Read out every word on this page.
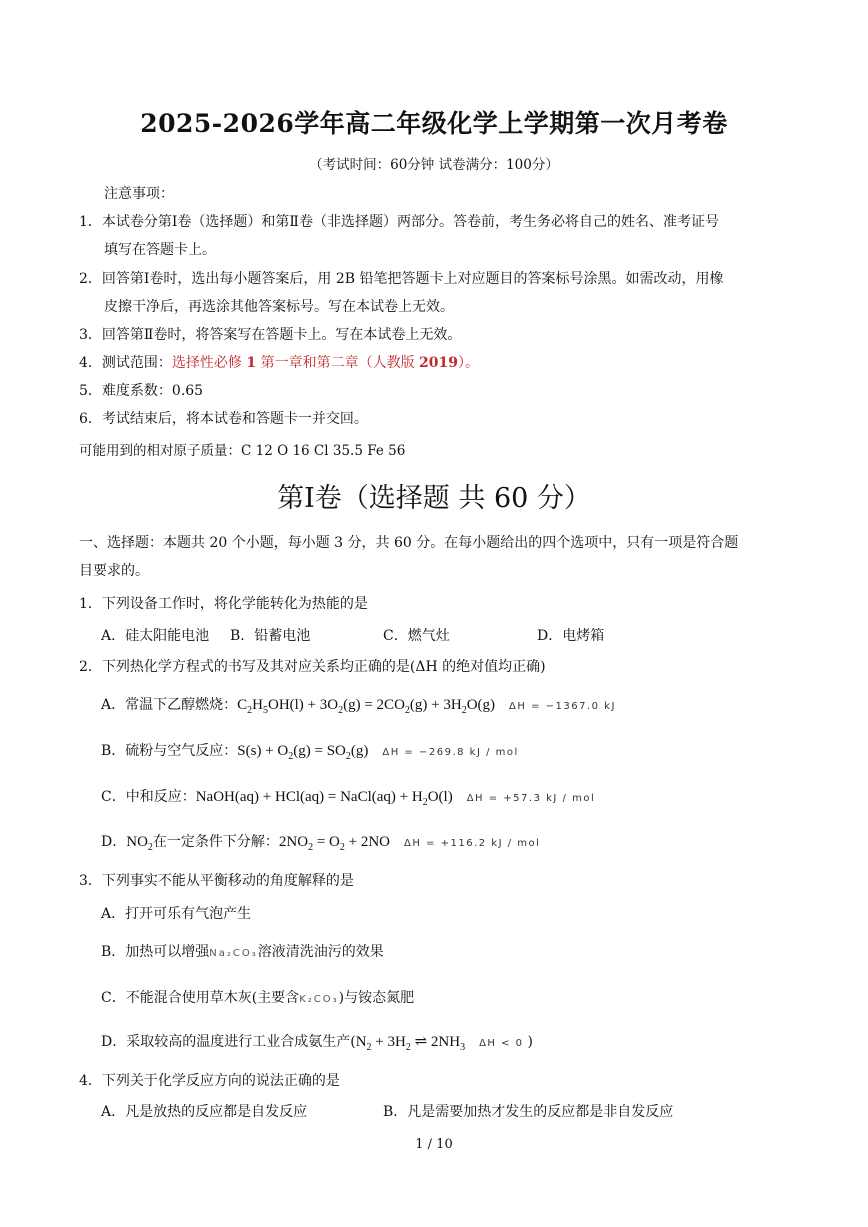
2025-2026学年高二年级化学上学期第一次月考卷
（考试时间：60分钟 试卷满分：100分）
注意事项：
1．本试卷分第Ⅰ卷（选择题）和第Ⅱ卷（非选择题）两部分。答卷前，考生务必将自己的姓名、准考证号
填写在答题卡上。
2．回答第Ⅰ卷时，选出每小题答案后，用 2B 铅笔把答题卡上对应题目的答案标号涂黑。如需改动，用橡
皮擦干净后，再选涂其他答案标号。写在本试卷上无效。
3．回答第Ⅱ卷时，将答案写在答题卡上。写在本试卷上无效。
4．测试范围：选择性必修 1 第一章和第二章（人教版 2019）。
5．难度系数：0.65
6．考试结束后，将本试卷和答题卡一并交回。
可能用到的相对原子质量：C 12 O 16 Cl 35.5 Fe 56
第Ⅰ卷（选择题 共 60 分）
一、选择题：本题共 20 个小题，每小题 3 分，共 60 分。在每小题给出的四个选项中，只有一项是符合题
目要求的。
1．下列设备工作时，将化学能转化为热能的是
A．硅太阳能电池 B．铅蓄电池	C．燃气灶	D．电烤箱
2．下列热化学方程式的书写及其对应关系均正确的是(ΔH 的绝对值均正确)
A．常温下乙醇燃烧：$C_2H_5OH(l) + 3O_2(g) = 2CO_2(g) + 3H_2O(g) \Delta H = -1367.0$ kJ
B．硫粉与空气反应：$S(s) + O_2(g) = SO_2(g) \Delta H = -269.8$ kJ / mol
C．中和反应：NaOH(aq) + HCl(aq) = NaCl(aq) + $H_2O(l) \Delta H = +57.3$ kJ / mol
D．$NO_2$在一定条件下分解：$2NO_2 = O_2 + 2NO$ ΔH = +116.2 kJ / mol
3．下列事实不能从平衡移动的角度解释的是
A．打开可乐有气泡产生
B．加热可以增强Na₂CO₃溶液清洗油污的效果
C．不能混合使用草木灰(主要含K₂CO₃)与铵态氮肥
D．采取较高的温度进行工业合成氨生产($N_2 + 3H_2$ ⇌ $2NH_3$ ΔH < 0 )
4．下列关于化学反应方向的说法正确的是
A．凡是放热的反应都是自发反应	B．凡是需要加热才发生的反应都是非自发反应
1 / 10
